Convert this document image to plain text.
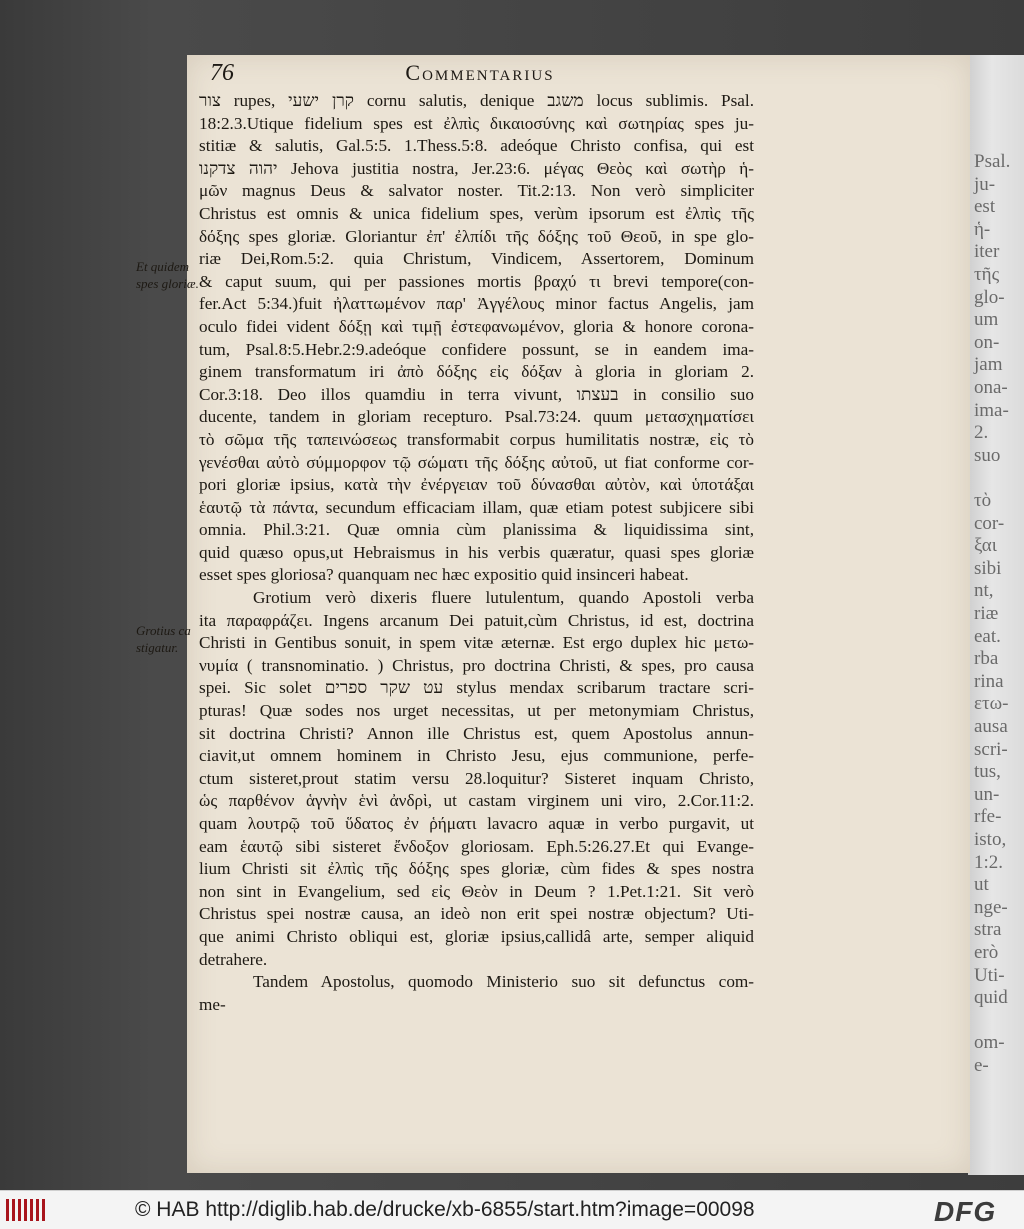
Psal.
ju-
est
ἡ-
iter
τῆς
glo-
um
on-
jam
ona-
ima-
2.
suo
τὸ
cor-
ξαι
sibi
nt,
riæ
eat.
rba
rina
ετω-
ausa
scri-
tus,
un-
rfe-
isto,
1:2.
ut
nge-
stra
erò
Uti-
quid
om-
e-
76	Commentarius
Et quidem spes gloriæ.
Grotius ca stigatur.

צור rupes, קרן ישעי cornu salutis, denique משגב locus sublimis. Psal.

18:2.3.Utique fidelium spes est ἐλπὶς δικαιοσύνης καὶ σωτηρίας spes ju-

stitiæ & salutis, Gal.5:5. 1.Thess.5:8. adeóque Christo confisa, qui est

יהוה צדקנו Jehova justitia nostra, Jer.23:6. μέγας Θεὸς καὶ σωτὴρ ἡ-

μῶν magnus Deus & salvator noster. Tit.2:13. Non verò simpliciter

Christus est omnis & unica fidelium spes, verùm ipsorum est ἐλπὶς τῆς

δόξης spes gloriæ. Gloriantur ἐπ' ἐλπίδι τῆς δόξης τοῦ Θεοῦ, in spe glo-

riæ Dei,Rom.5:2. quia Christum, Vindicem, Assertorem, Dominum

& caput suum, qui per passiones mortis βραχύ τι brevi tempore(con-

fer.Act 5:34.)fuit ἠλαττωμένον παρ' Ἀγγέλους minor factus Angelis, jam

oculo fidei vident δόξῃ καὶ τιμῇ ἐστεφανωμένον, gloria & honore corona-

tum, Psal.8:5.Hebr.2:9.adeóque confidere possunt, se in eandem ima-

ginem transformatum iri ἀπὸ δόξης εἰς δόξαν à gloria in gloriam 2.

Cor.3:18. Deo illos quamdiu in terra vivunt, בעצתו in consilio suo

ducente, tandem in gloriam recepturo. Psal.73:24. quum μετασχηματίσει

τὸ σῶμα τῆς ταπεινώσεως transformabit corpus humilitatis nostræ, εἰς τὸ

γενέσθαι αὐτὸ σύμμορφον τῷ σώματι τῆς δόξης αὐτοῦ, ut fiat conforme cor-

pori gloriæ ipsius, κατὰ τὴν ἐνέργειαν τοῦ δύνασθαι αὐτὸν, καὶ ὑποτάξαι

ἑαυτῷ τὰ πάντα, secundum efficaciam illam, quæ etiam potest subjicere sibi

omnia. Phil.3:21. Quæ omnia cùm planissima & liquidissima sint,

quid quæso opus,ut Hebraismus in his verbis quæratur, quasi spes gloriæ

esset spes gloriosa? quanquam nec hæc expositio quid insinceri habeat.

Grotium verò dixeris fluere lutulentum, quando Apostoli verba

ita παραφράζει. Ingens arcanum Dei patuit,cùm Christus, id est, doctrina

Christi in Gentibus sonuit, in spem vitæ æternæ. Est ergo duplex hic μετω-

νυμία ( transnominatio. ) Christus, pro doctrina Christi, & spes, pro causa

spei. Sic solet עט שקר ספרים stylus mendax scribarum tractare scri-

pturas! Quæ sodes nos urget necessitas, ut per metonymiam Christus,

sit doctrina Christi? Annon ille Christus est, quem Apostolus annun-

ciavit,ut omnem hominem in Christo Jesu, ejus communione, perfe-

ctum sisteret,prout statim versu 28.loquitur? Sisteret inquam Christo,

ὡς παρθένον ἁγνὴν ἑνὶ ἀνδρὶ, ut castam virginem uni viro, 2.Cor.11:2.

quam λουτρῷ τοῦ ὕδατος ἐν ῥήματι lavacro aquæ in verbo purgavit, ut

eam ἑαυτῷ sibi sisteret ἔνδοξον gloriosam. Eph.5:26.27.Et qui Evange-

lium Christi sit ἐλπὶς τῆς δόξης spes gloriæ, cùm fides & spes nostra

non sint in Evangelium, sed εἰς Θεὸν in Deum ? 1.Pet.1:21. Sit verò

Christus spei nostræ causa, an ideò non erit spei nostræ objectum? Uti-

que animi Christo obliqui est, gloriæ ipsius,callidâ arte, semper aliquid

detrahere.

Tandem Apostolus, quomodo Ministerio suo sit defunctus com-

me-

© HAB http://diglib.hab.de/drucke/xb-6855/start.htm?image=00098	DFG
